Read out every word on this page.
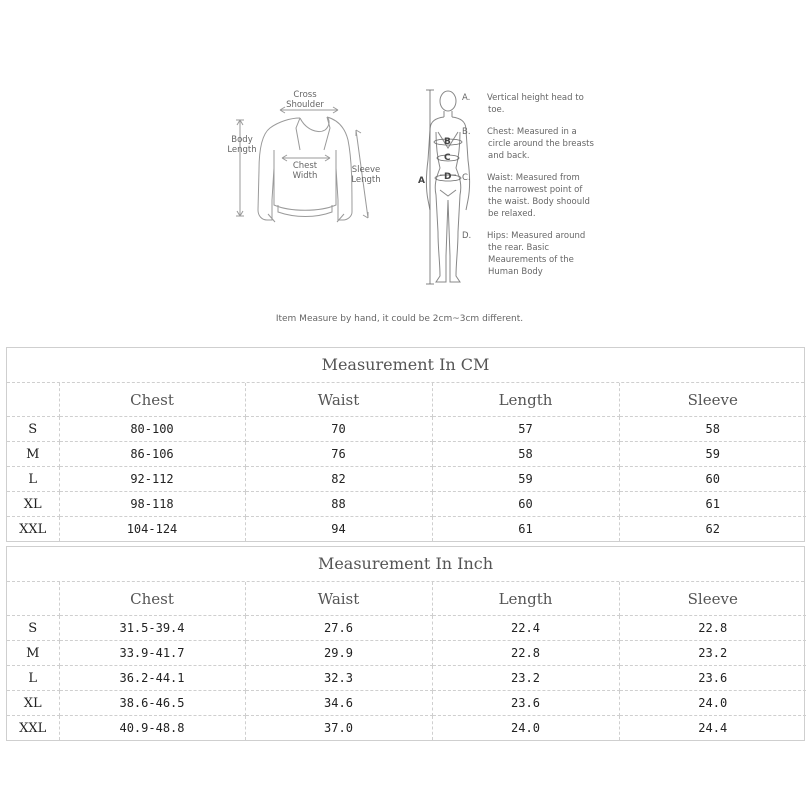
Cross
Shoulder
Body
Length
Chest
Width
Sleeve
Length	A
B
C
D
A. Vertical height head to toe.
B. Chest: Measured in a circle around the breasts and back.
C. Waist: Measured from the narrowest point of the waist. Body shoould be relaxed.
D. Hips: Measured around the rear. Basic Meaurements of the Human Body
Item Measure by hand, it could be 2cm~3cm different.
Measurement In CM
	Chest	Waist	Length	Sleeve
S	80-100	70	57	58
M	86-106	76	58	59
L	92-112	82	59	60
XL	98-118	88	60	61
XXL	104-124	94	61	62
Measurement In Inch
	Chest	Waist	Length	Sleeve
S	31.5-39.4	27.6	22.4	22.8
M	33.9-41.7	29.9	22.8	23.2
L	36.2-44.1	32.3	23.2	23.6
XL	38.6-46.5	34.6	23.6	24.0
XXL	40.9-48.8	37.0	24.0	24.4
